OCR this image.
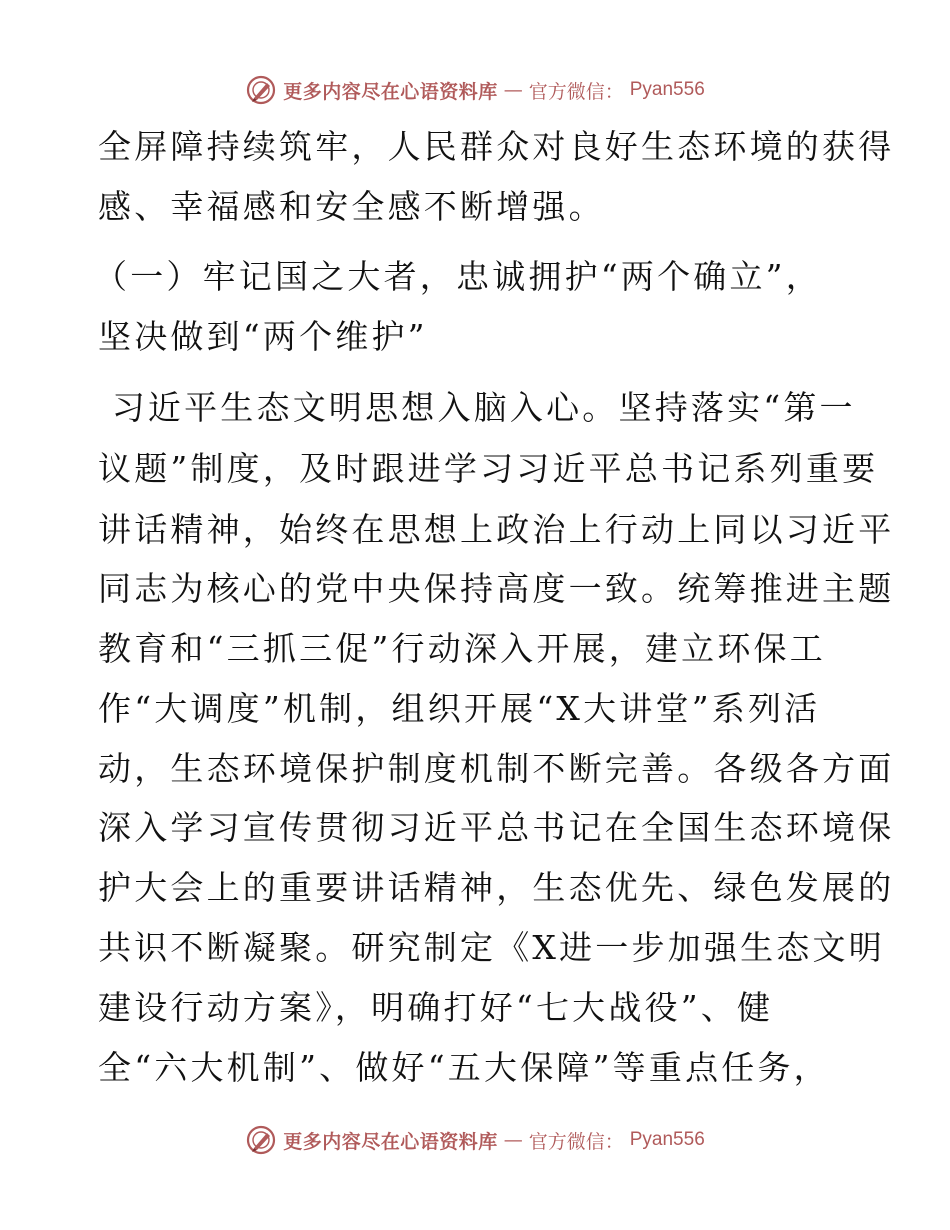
更多内容尽在心语资料库 — 官方微信： Pyan556
全屏障持续筑牢，人民群众对良好生态环境的获得
感、幸福感和安全感不断增强。
（一）牢记国之大者，忠诚拥护“两个确立”，
坚决做到“两个维护”
习近平生态文明思想入脑入心。坚持落实“第一
议题”制度，及时跟进学习习近平总书记系列重要
讲话精神，始终在思想上政治上行动上同以习近平
同志为核心的党中央保持高度一致。统筹推进主题
教育和“三抓三促”行动深入开展，建立环保工
作“大调度”机制，组织开展“X大讲堂”系列活
动，生态环境保护制度机制不断完善。各级各方面
深入学习宣传贯彻习近平总书记在全国生态环境保
护大会上的重要讲话精神，生态优先、绿色发展的
共识不断凝聚。研究制定《X进一步加强生态文明
建设行动方案》，明确打好“七大战役”、健
全“六大机制”、做好“五大保障”等重点任务，
更多内容尽在心语资料库 — 官方微信： Pyan556
